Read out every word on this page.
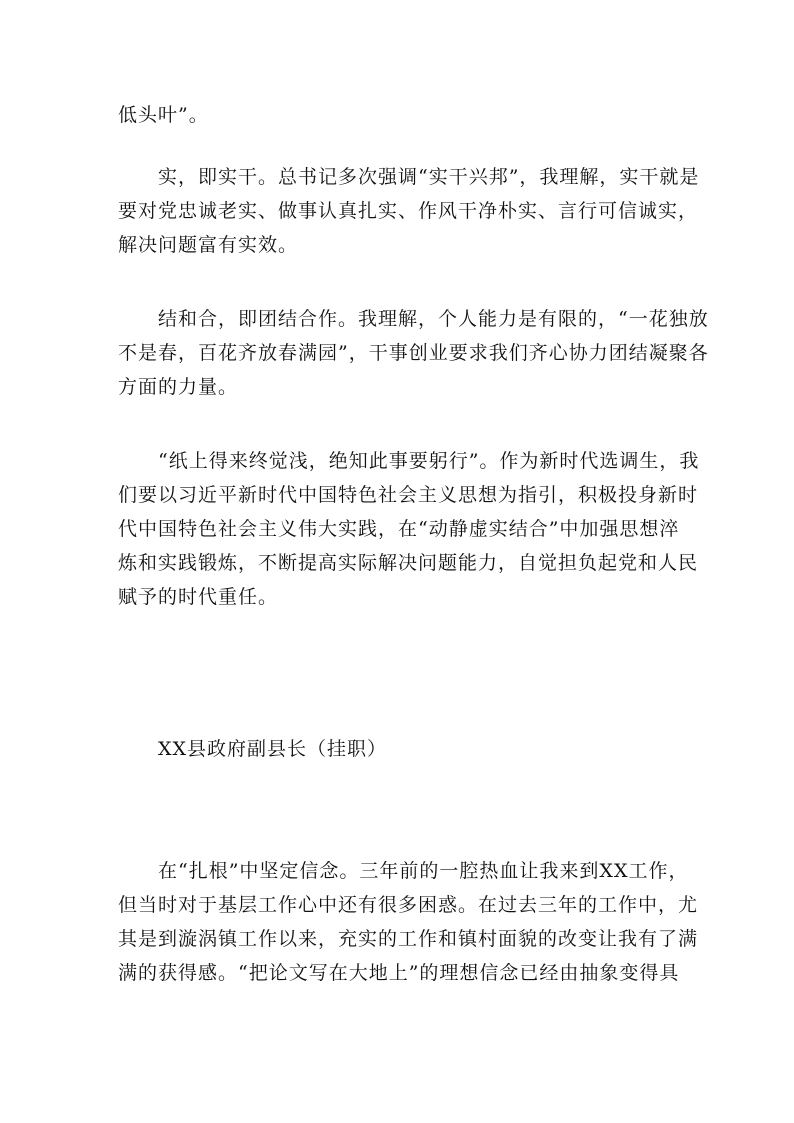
低头叶”。

实，即实干。总书记多次强调“实干兴邦”，我理解，实干就是
要对党忠诚老实、做事认真扎实、作风干净朴实、言行可信诚实，
解决问题富有实效。

结和合，即团结合作。我理解，个人能力是有限的，“一花独放
不是春，百花齐放春满园”，干事创业要求我们齐心协力团结凝聚各
方面的力量。

“纸上得来终觉浅，绝知此事要躬行”。作为新时代选调生，我
们要以习近平新时代中国特色社会主义思想为指引，积极投身新时
代中国特色社会主义伟大实践，在“动静虚实结合”中加强思想淬
炼和实践锻炼，不断提高实际解决问题能力，自觉担负起党和人民
赋予的时代重任。

XX县政府副县长（挂职）

在“扎根”中坚定信念。三年前的一腔热血让我来到XX工作，
但当时对于基层工作心中还有很多困惑。在过去三年的工作中，尤
其是到漩涡镇工作以来，充实的工作和镇村面貌的改变让我有了满
满的获得感。“把论文写在大地上”的理想信念已经由抽象变得具
